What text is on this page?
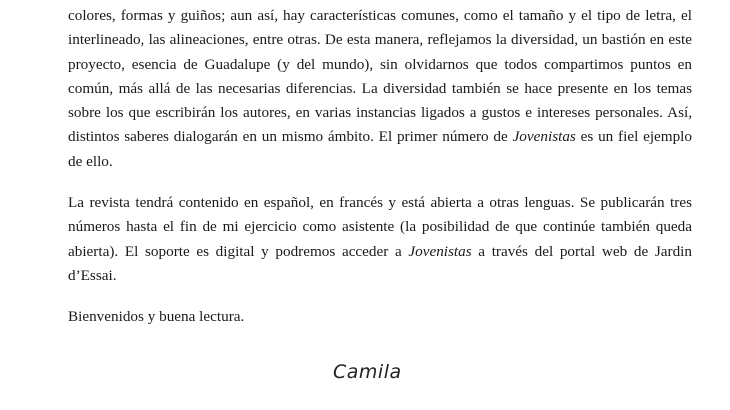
colores, formas y guiños; aun así, hay características comunes, como el tamaño y el tipo de letra, el interlineado, las alineaciones, entre otras. De esta manera, reflejamos la diversidad, un bastión en este proyecto, esencia de Guadalupe (y del mundo), sin olvidarnos que todos compartimos puntos en común, más allá de las necesarias diferencias. La diversidad también se hace presente en los temas sobre los que escribirán los autores, en varias instancias ligados a gustos e intereses personales. Así, distintos saberes dialogarán en un mismo ámbito. El primer número de Jovenistas es un fiel ejemplo de ello.

La revista tendrá contenido en español, en francés y está abierta a otras lenguas. Se publicarán tres números hasta el fin de mi ejercicio como asistente (la posibilidad de que continúe también queda abierta). El soporte es digital y podremos acceder a Jovenistas a través del portal web de Jardin d’Essai.

Bienvenidos y buena lectura.

Camila
